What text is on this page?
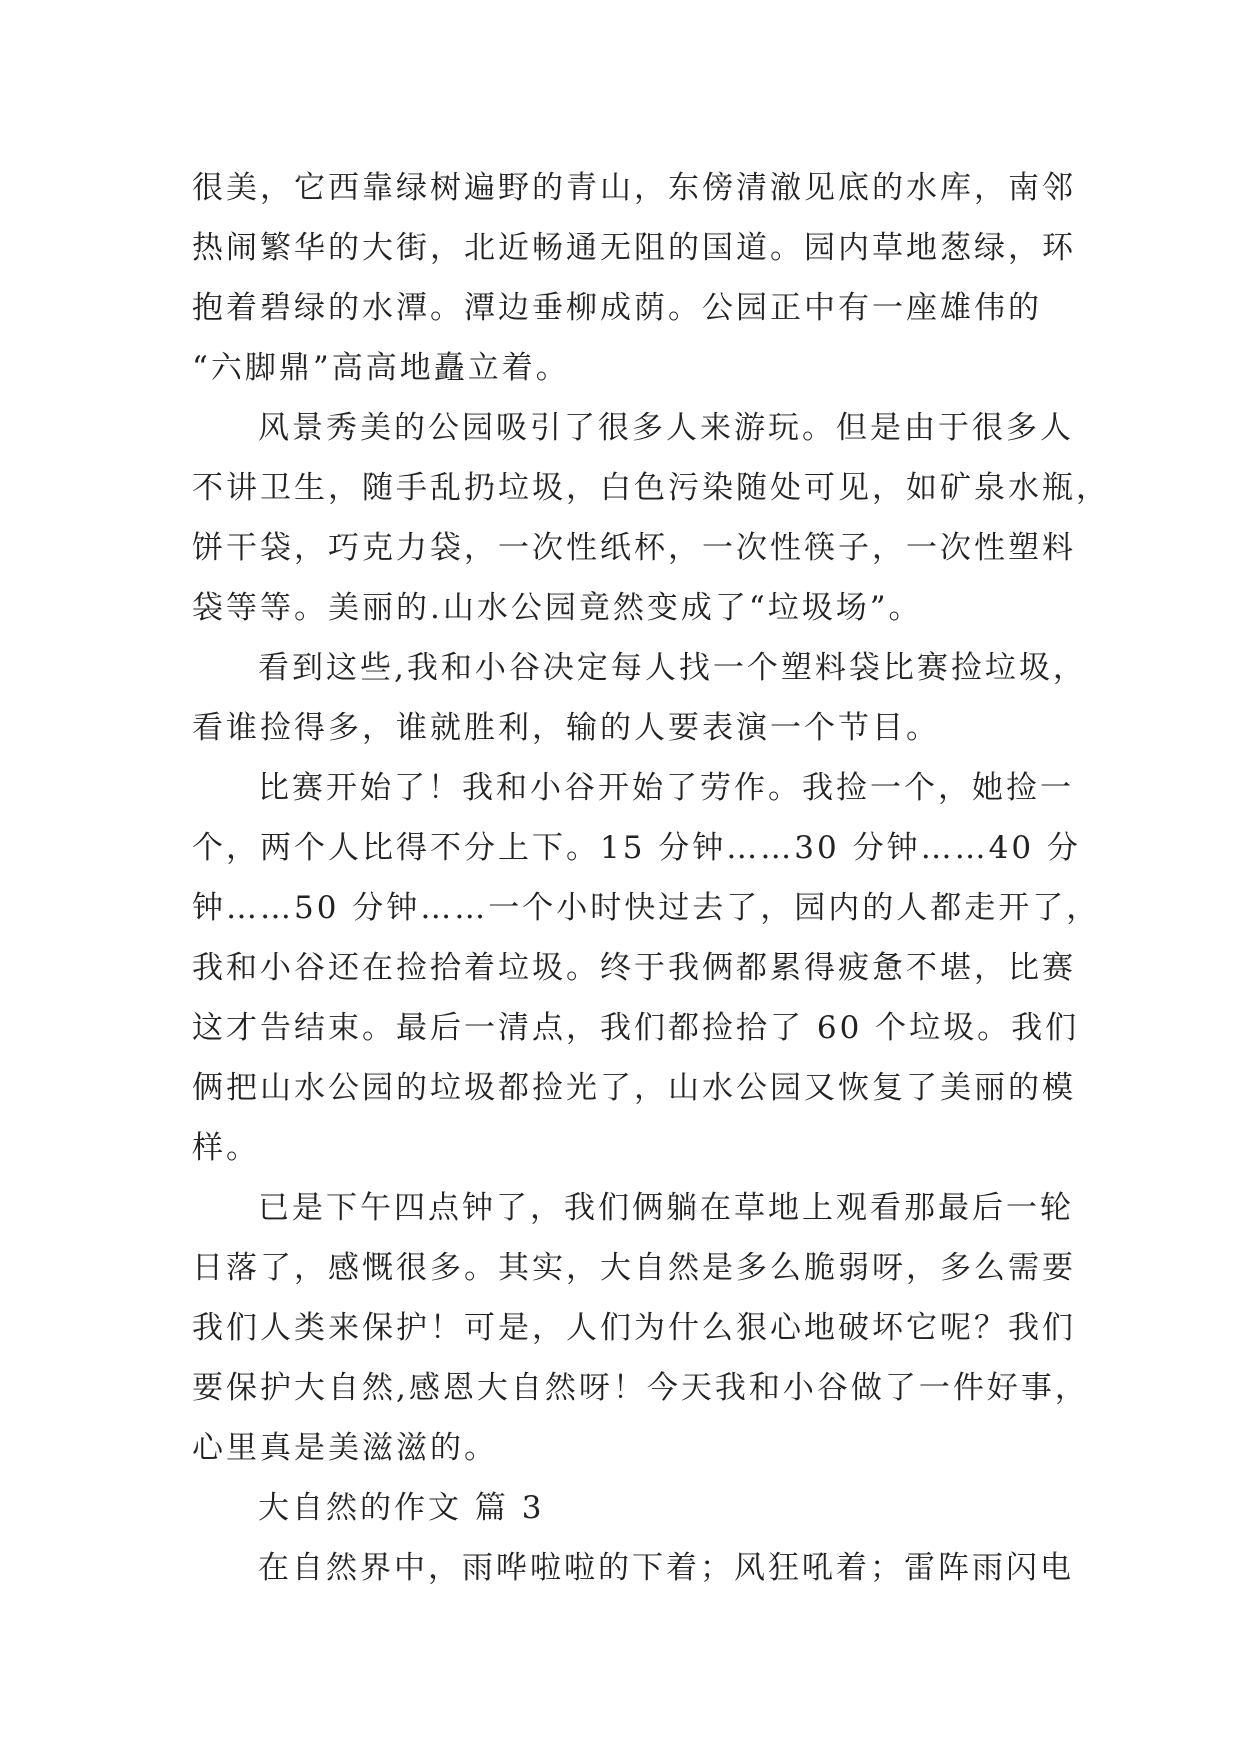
很美，它西靠绿树遍野的青山，东傍清澈见底的水库，南邻
热闹繁华的大街，北近畅通无阻的国道。园内草地葱绿，环
抱着碧绿的水潭。潭边垂柳成荫。公园正中有一座雄伟的
“六脚鼎”高高地矗立着。
风景秀美的公园吸引了很多人来游玩。但是由于很多人
不讲卫生，随手乱扔垃圾，白色污染随处可见，如矿泉水瓶，
饼干袋，巧克力袋，一次性纸杯，一次性筷子，一次性塑料
袋等等。美丽的.山水公园竟然变成了“垃圾场”。
看到这些,我和小谷决定每人找一个塑料袋比赛捡垃圾，
看谁捡得多，谁就胜利，输的人要表演一个节目。
比赛开始了！我和小谷开始了劳作。我捡一个，她捡一
个，两个人比得不分上下。15 分钟……30 分钟……40 分
钟……50 分钟……一个小时快过去了，园内的人都走开了，
我和小谷还在捡拾着垃圾。终于我俩都累得疲惫不堪，比赛
这才告结束。最后一清点，我们都捡拾了 60 个垃圾。我们
俩把山水公园的垃圾都捡光了，山水公园又恢复了美丽的模
样。
已是下午四点钟了，我们俩躺在草地上观看那最后一轮
日落了，感慨很多。其实，大自然是多么脆弱呀，多么需要
我们人类来保护！可是，人们为什么狠心地破坏它呢？我们
要保护大自然,感恩大自然呀！今天我和小谷做了一件好事，
心里真是美滋滋的。
大自然的作文 篇 3
在自然界中，雨哗啦啦的下着；风狂吼着；雷阵雨闪电
